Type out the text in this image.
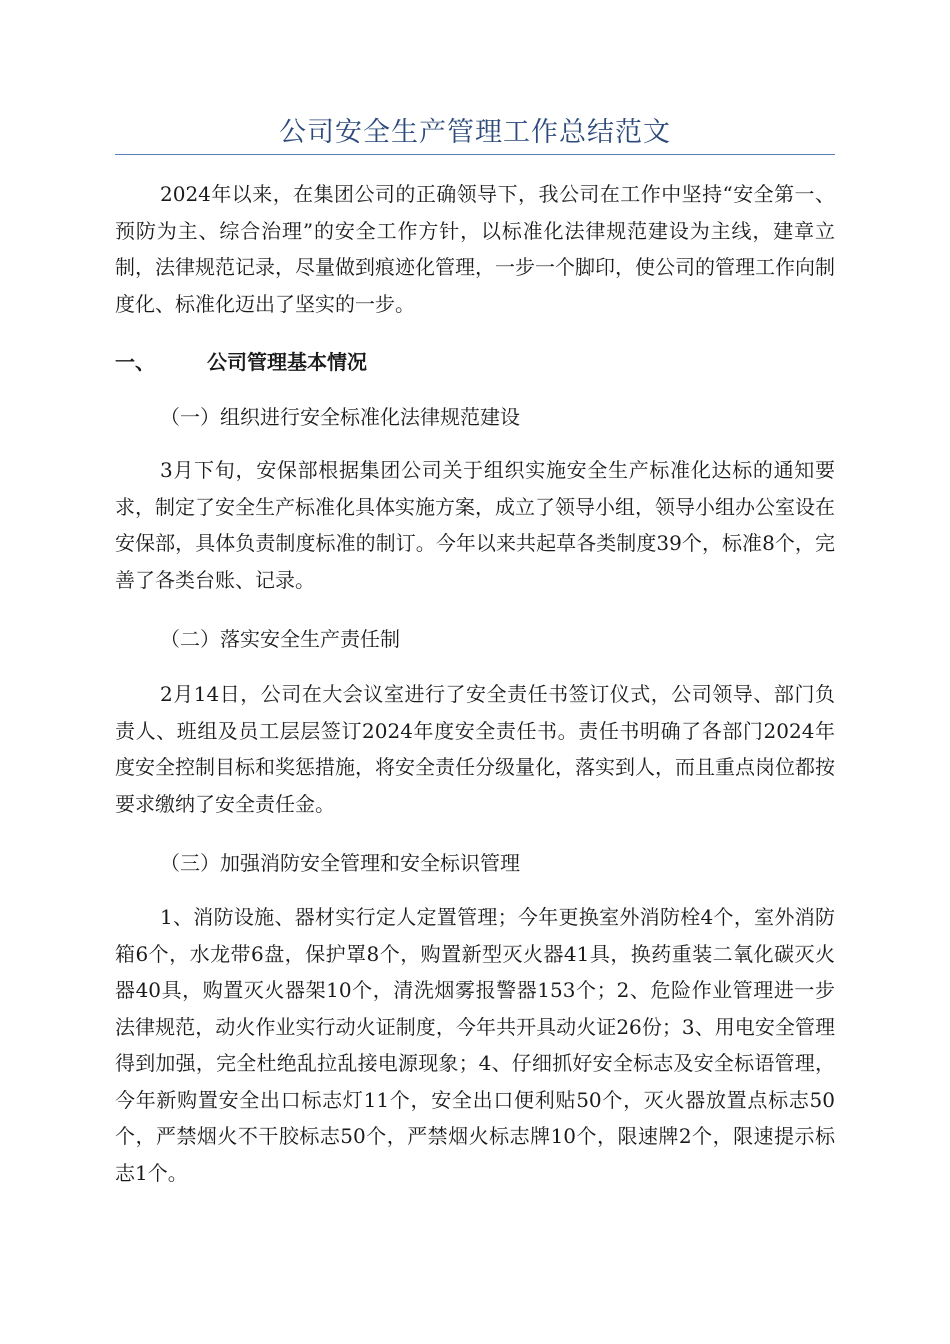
公司安全生产管理工作总结范文

2024年以来，在集团公司的正确领导下，我公司在工作中坚持“安全第一、预防为主、综合治理”的安全工作方针，以标准化法律规范建设为主线，建章立制，法律规范记录，尽量做到痕迹化管理，一步一个脚印，使公司的管理工作向制度化、标准化迈出了坚实的一步。

一、	公司管理基本情况
（一）组织进行安全标准化法律规范建设

3月下旬，安保部根据集团公司关于组织实施安全生产标准化达标的通知要求，制定了安全生产标准化具体实施方案，成立了领导小组，领导小组办公室设在安保部，具体负责制度标准的制订。今年以来共起草各类制度39个，标准8个，完善了各类台账、记录。

（二）落实安全生产责任制

2月14日，公司在大会议室进行了安全责任书签订仪式，公司领导、部门负责人、班组及员工层层签订2024年度安全责任书。责任书明确了各部门2024年度安全控制目标和奖惩措施，将安全责任分级量化，落实到人，而且重点岗位都按要求缴纳了安全责任金。

（三）加强消防安全管理和安全标识管理

1、消防设施、器材实行定人定置管理；今年更换室外消防栓4个，室外消防箱6个，水龙带6盘，保护罩8个，购置新型灭火器41具，换药重装二氧化碳灭火器40具，购置灭火器架10个，清洗烟雾报警器153个；2、危险作业管理进一步法律规范，动火作业实行动火证制度，今年共开具动火证26份；3、用电安全管理得到加强，完全杜绝乱拉乱接电源现象；4、仔细抓好安全标志及安全标语管理，今年新购置安全出口标志灯11个，安全出口便利贴50个，灭火器放置点标志50个，严禁烟火不干胶标志50个，严禁烟火标志牌10个，限速牌2个，限速提示标志1个。
